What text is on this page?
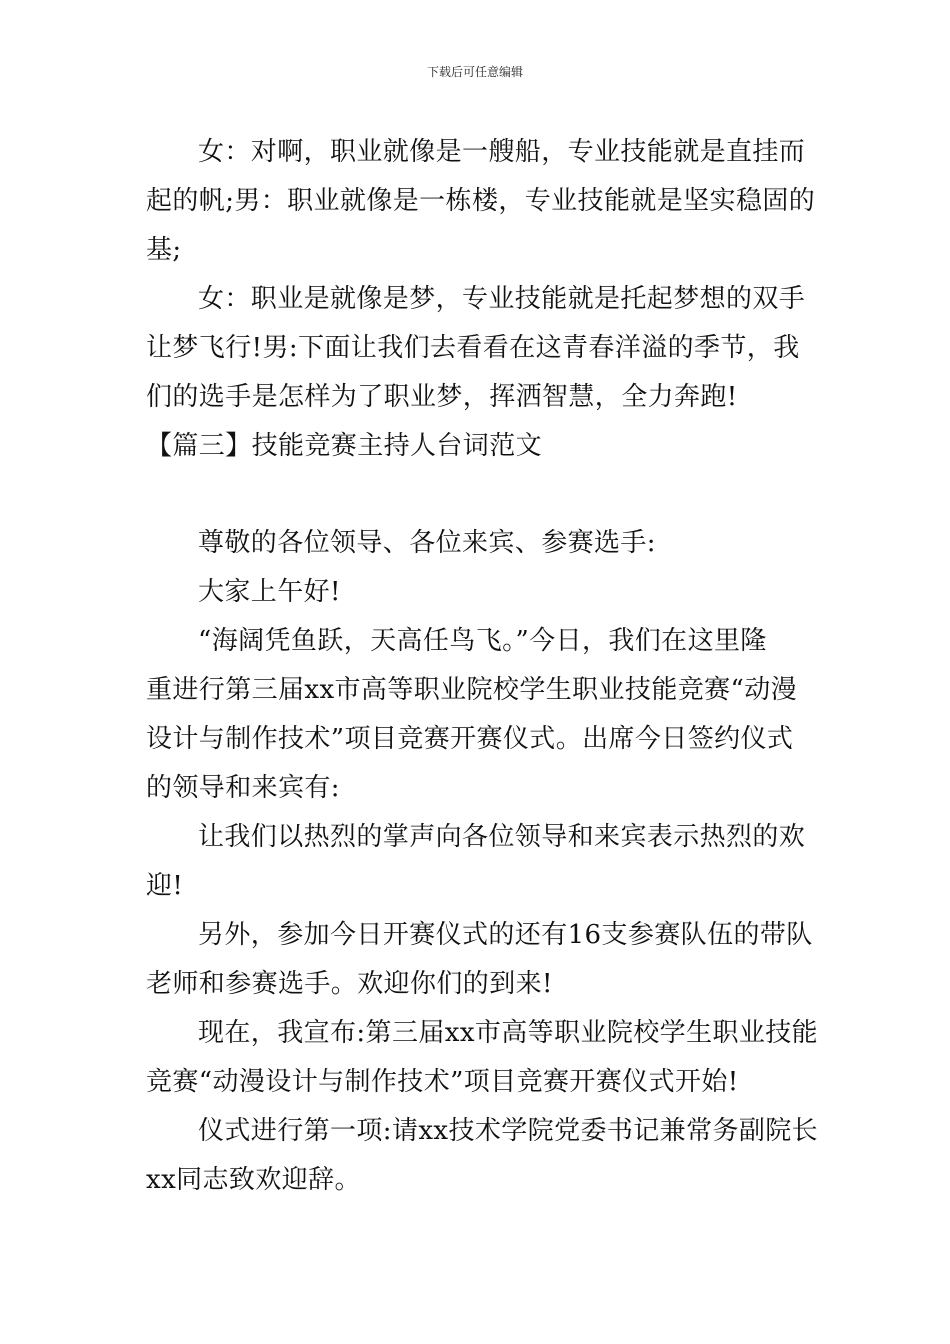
下载后可任意编辑
女：对啊，职业就像是一艘船，专业技能就是直挂而
起的帆;男：职业就像是一栋楼，专业技能就是坚实稳固的
基;
女：职业是就像是梦，专业技能就是托起梦想的双手
让梦飞行!男:下面让我们去看看在这青春洋溢的季节，我
们的选手是怎样为了职业梦，挥洒智慧，全力奔跑!
【篇三】技能竞赛主持人台词范文
尊敬的各位领导、各位来宾、参赛选手:
大家上午好!
“海阔凭鱼跃，天高任鸟飞。”今日，我们在这里隆
重进行第三届xx市高等职业院校学生职业技能竞赛“动漫
设计与制作技术”项目竞赛开赛仪式。出席今日签约仪式
的领导和来宾有:
让我们以热烈的掌声向各位领导和来宾表示热烈的欢
迎!
另外，参加今日开赛仪式的还有16支参赛队伍的带队
老师和参赛选手。欢迎你们的到来!
现在，我宣布:第三届xx市高等职业院校学生职业技能
竞赛“动漫设计与制作技术”项目竞赛开赛仪式开始!
仪式进行第一项:请xx技术学院党委书记兼常务副院长
xx同志致欢迎辞。
